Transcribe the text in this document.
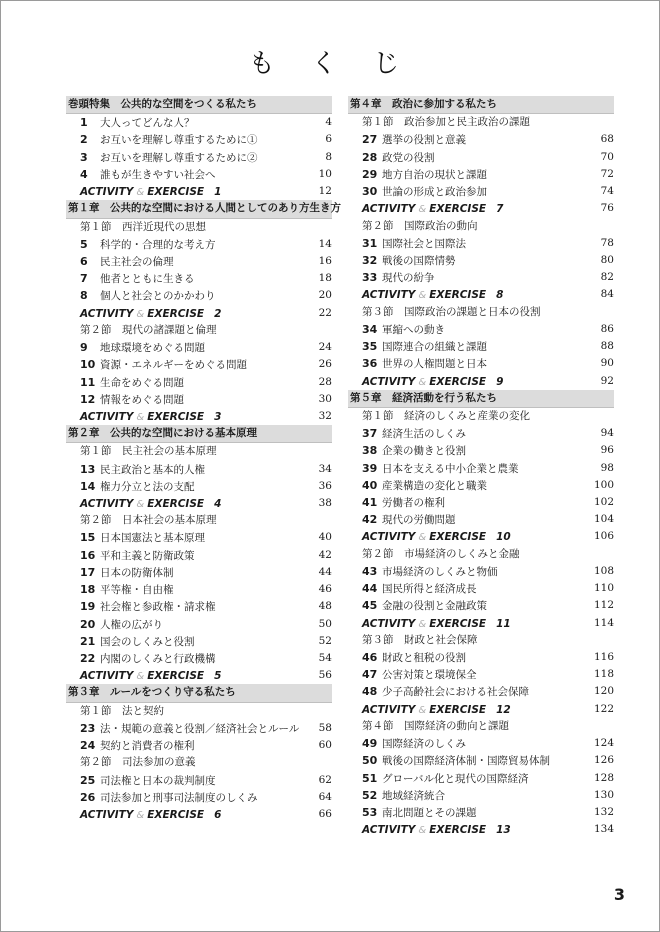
も く じ
巻頭特集　公共的な空間をつくる私たち
1 大人ってどんな人？	4
2 お互いを理解し尊重するために①	6
3 お互いを理解し尊重するために②	8
4 誰もが生きやすい社会へ	10
ACTIVITY & EXERCISE 1	12
第１章　公共的な空間における人間としてのあり方生き方
第１節　西洋近現代の思想
5 科学的・合理的な考え方	14
6 民主社会の倫理	16
7 他者とともに生きる	18
8 個人と社会とのかかわり	20
ACTIVITY & EXERCISE 2	22
第２節　現代の諸課題と倫理
9 地球環境をめぐる問題	24
10 資源・エネルギーをめぐる問題	26
11 生命をめぐる問題	28
12 情報をめぐる問題	30
ACTIVITY & EXERCISE 3	32
第２章　公共的な空間における基本原理
第１節　民主社会の基本原理
13 民主政治と基本的人権	34
14 権力分立と法の支配	36
ACTIVITY & EXERCISE 4	38
第２節　日本社会の基本原理
15 日本国憲法と基本原理	40
16 平和主義と防衛政策	42
17 日本の防衛体制	44
18 平等権・自由権	46
19 社会権と参政権・請求権	48
20 人権の広がり	50
21 国会のしくみと役割	52
22 内閣のしくみと行政機構	54
ACTIVITY & EXERCISE 5	56
第３章　ルールをつくり守る私たち
第１節　法と契約
23 法・規範の意義と役割／経済社会とルール 58
24 契約と消費者の権利	60
第２節　司法参加の意義
25 司法権と日本の裁判制度	62
26 司法参加と刑事司法制度のしくみ	64
ACTIVITY & EXERCISE 6	66
第４章　政治に参加する私たち
第１節　政治参加と民主政治の課題
27 選挙の役割と意義	68
28 政党の役割	70
29 地方自治の現状と課題	72
30 世論の形成と政治参加	74
ACTIVITY & EXERCISE 7	76
第２節　国際政治の動向
31 国際社会と国際法	78
32 戦後の国際情勢	80
33 現代の紛争	82
ACTIVITY & EXERCISE 8	84
第３節　国際政治の課題と日本の役割
34 軍縮への動き	86
35 国際連合の組織と課題	88
36 世界の人権問題と日本	90
ACTIVITY & EXERCISE 9	92
第５章　経済活動を行う私たち
第１節　経済のしくみと産業の変化
37 経済生活のしくみ	94
38 企業の働きと役割	96
39 日本を支える中小企業と農業	98
40 産業構造の変化と職業	100
41 労働者の権利	102
42 現代の労働問題	104
ACTIVITY & EXERCISE 10	106
第２節　市場経済のしくみと金融
43 市場経済のしくみと物価	108
44 国民所得と経済成長	110
45 金融の役割と金融政策	112
ACTIVITY & EXERCISE 11	114
第３節　財政と社会保障
46 財政と租税の役割	116
47 公害対策と環境保全	118
48 少子高齢社会における社会保障	120
ACTIVITY & EXERCISE 12	122
第４節　国際経済の動向と課題
49 国際経済のしくみ	124
50 戦後の国際経済体制・国際貿易体制	126
51 グローバル化と現代の国際経済	128
52 地域経済統合	130
53 南北問題とその課題	132
ACTIVITY & EXERCISE 13	134
3
